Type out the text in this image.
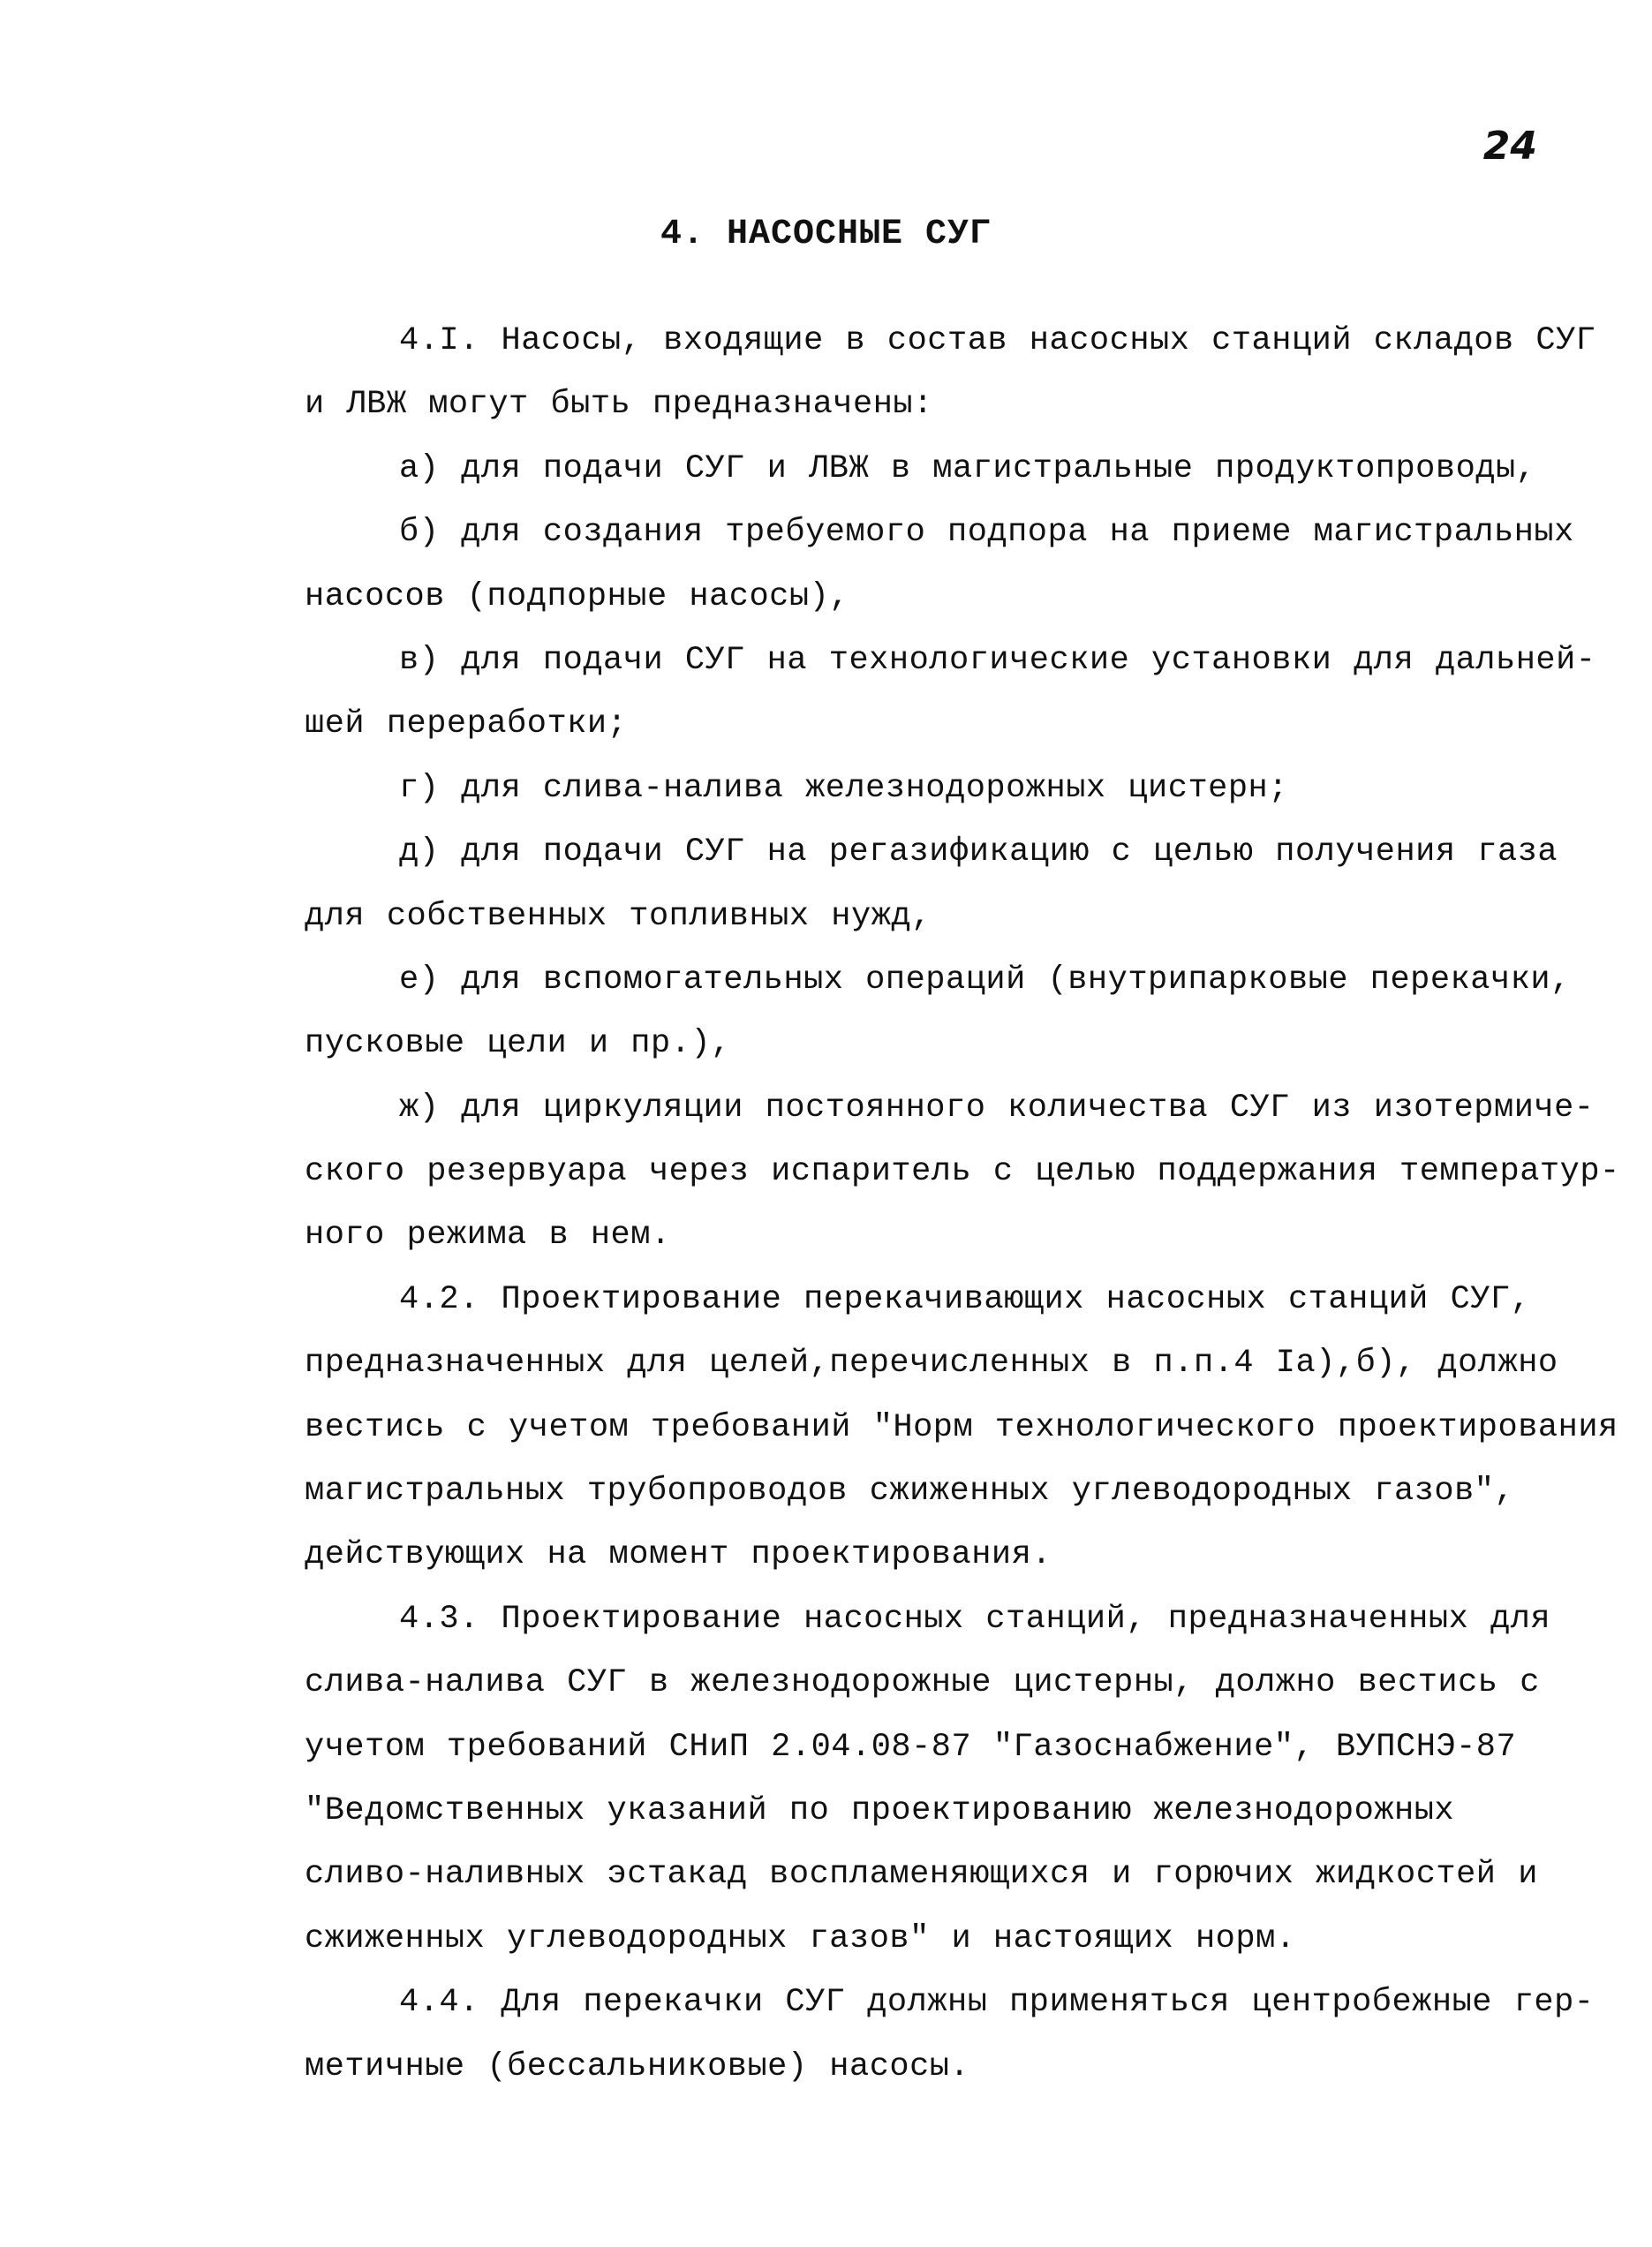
24
4. НАСОСНЫЕ СУГ
4.I. Насосы, входящие в состав насосных станций складов СУГ
и ЛВЖ могут быть предназначены:
а) для подачи СУГ и ЛВЖ в магистральные продуктопроводы,
б) для создания требуемого подпора на приеме магистральных
насосов (подпорные насосы),
в) для подачи СУГ на технологические установки для дальней-
шей переработки;
г) для слива-налива железнодорожных цистерн;
д) для подачи СУГ на регазификацию с целью получения газа
для собственных топливных нужд,
е) для вспомогательных операций (внутрипарковые перекачки,
пусковые цели и пр.),
ж) для циркуляции постоянного количества СУГ из изотермиче-
ского резервуара через испаритель с целью поддержания температур-
ного режима в нем.
4.2. Проектирование перекачивающих насосных станций СУГ,
предназначенных для целей,перечисленных в п.п.4 Iа),б), должно
вестись с учетом требований "Норм технологического проектирования
магистральных трубопроводов сжиженных углеводородных газов",
действующих на момент проектирования.
4.3. Проектирование насосных станций, предназначенных для
слива-налива СУГ в железнодорожные цистерны, должно вестись с
учетом требований СНиП 2.04.08-87 "Газоснабжение", ВУПСНЭ-87
"Ведомственных указаний по проектированию железнодорожных
сливо-наливных эстакад воспламеняющихся и горючих жидкостей и
сжиженных углеводородных газов" и настоящих норм.
4.4. Для перекачки СУГ должны применяться центробежные гер-
метичные (бессальниковые) насосы.
